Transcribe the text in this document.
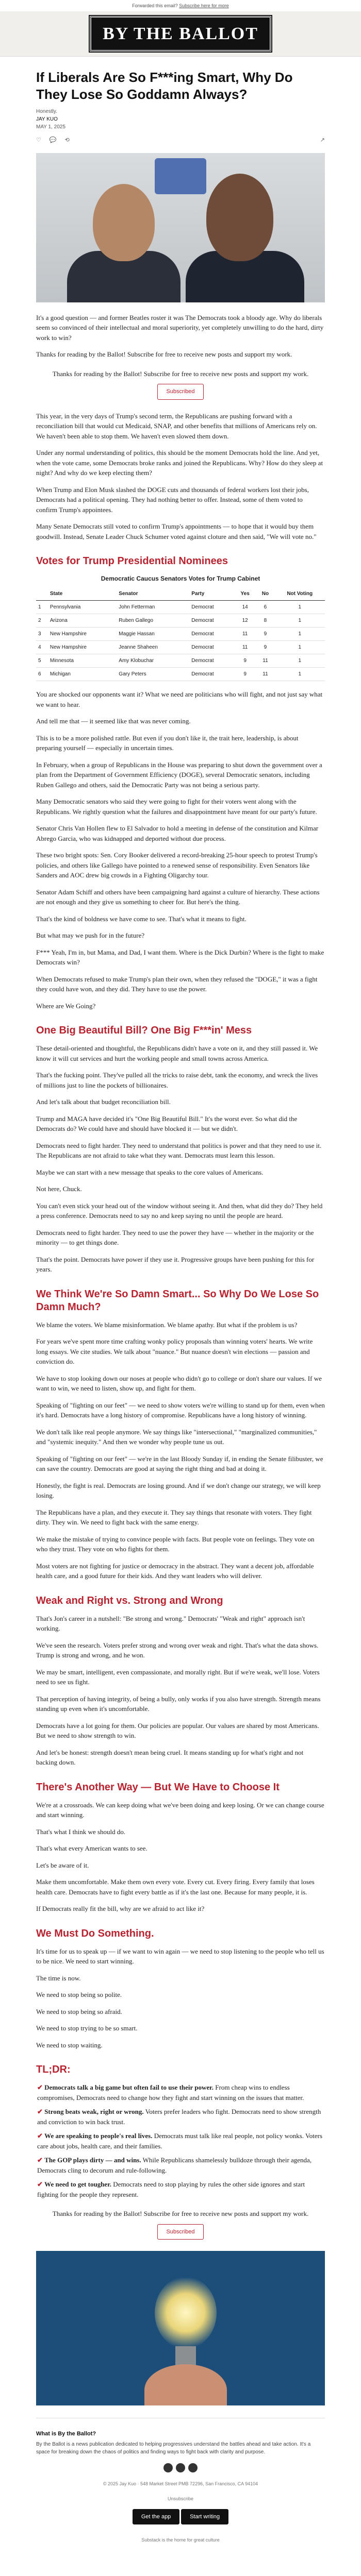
Forwarded this email? Subscribe here for more
BY THE BALLOT
If Liberals Are So F***ing Smart, Why Do They Lose So Goddamn Always?
Honestly.
JAY KUO
MAY 1, 2025
♡ 💬 ⟲	↗

It's a good question — and former Beatles roster it was The Democrats took a bloody age. Why do liberals seem so convinced of their intellectual and moral superiority, yet completely unwilling to do the hard, dirty work to win?

Thanks for reading by the Ballot! Subscribe for free to receive new posts and support my work.

Thanks for reading by the Ballot! Subscribe for free to receive new posts and support my work.
Subscribed

This year, in the very days of Trump's second term, the Republicans are pushing forward with a reconciliation bill that would cut Medicaid, SNAP, and other benefits that millions of Americans rely on. We haven't been able to stop them. We haven't even slowed them down.

Under any normal understanding of politics, this should be the moment Democrats hold the line. And yet, when the vote came, some Democrats broke ranks and joined the Republicans. Why? How do they sleep at night? And why do we keep electing them?

When Trump and Elon Musk slashed the DOGE cuts and thousands of federal workers lost their jobs, Democrats had a political opening. They had nothing better to offer. Instead, some of them voted to confirm Trump's appointees.

Many Senate Democrats still voted to confirm Trump's appointments — to hope that it would buy them goodwill. Instead, Senate Leader Chuck Schumer voted against cloture and then said, "We will vote no."

Votes for Trump Presidential Nominees
Democratic Caucus Senators Votes for Trump Cabinet
	State	Senator	Party	Yes	No	Not Voting
1	Pennsylvania	John Fetterman	Democrat	14	6	1
2	Arizona	Ruben Gallego	Democrat	12	8	1
3	New Hampshire	Maggie Hassan	Democrat	11	9	1
4	New Hampshire	Jeanne Shaheen	Democrat	11	9	1
5	Minnesota	Amy Klobuchar	Democrat	9	11	1
6	Michigan	Gary Peters	Democrat	9	11	1

You are shocked our opponents want it? What we need are politicians who will fight, and not just say what we want to hear.

And tell me that — it seemed like that was never coming.

This is to be a more polished rattle. But even if you don't like it, the trait here, leadership, is about preparing yourself — especially in uncertain times.

In February, when a group of Republicans in the House was preparing to shut down the government over a plan from the Department of Government Efficiency (DOGE), several Democratic senators, including Ruben Gallego and others, said the Democratic Party was not being a serious party.

Many Democratic senators who said they were going to fight for their voters went along with the Republicans. We rightly question what the failures and disappointment have meant for our party's future.

Senator Chris Van Hollen flew to El Salvador to hold a meeting in defense of the constitution and Kilmar Abrego Garcia, who was kidnapped and deported without due process.

These two bright spots: Sen. Cory Booker delivered a record-breaking 25-hour speech to protest Trump's policies, and others like Gallego have pointed to a renewed sense of responsibility. Even Senators like Sanders and AOC drew big crowds in a Fighting Oligarchy tour.

Senator Adam Schiff and others have been campaigning hard against a culture of hierarchy. These actions are not enough and they give us something to cheer for. But here's the thing.

That's the kind of boldness we have come to see. That's what it means to fight.

But what may we push for in the future?

F*** Yeah, I'm in, but Mama, and Dad, I want them. Where is the Dick Durbin? Where is the fight to make Democrats win?

When Democrats refused to make Trump's plan their own, when they refused the "DOGE," it was a fight they could have won, and they did. They have to use the power.

Where are We Going?

One Big Beautiful Bill? One Big F***in' Mess

These detail-oriented and thoughtful, the Republicans didn't have a vote on it, and they still passed it. We know it will cut services and hurt the working people and small towns across America.

That's the fucking point. They've pulled all the tricks to raise debt, tank the economy, and wreck the lives of millions just to line the pockets of billionaires.

And let's talk about that budget reconciliation bill.

Trump and MAGA have decided it's "One Big Beautiful Bill." It's the worst ever. So what did the Democrats do? We could have and should have blocked it — but we didn't.

Democrats need to fight harder. They need to understand that politics is power and that they need to use it. The Republicans are not afraid to take what they want. Democrats must learn this lesson.

Maybe we can start with a new message that speaks to the core values of Americans.

Not here, Chuck.

You can't even stick your head out of the window without seeing it. And then, what did they do? They held a press conference. Democrats need to say no and keep saying no until the people are heard.

Democrats need to fight harder. They need to use the power they have — whether in the majority or the minority — to get things done.

That's the point. Democrats have power if they use it. Progressive groups have been pushing for this for years.

We Think We're So Damn Smart... So Why Do We Lose So Damn Much?

We blame the voters. We blame misinformation. We blame apathy. But what if the problem is us?

For years we've spent more time crafting wonky policy proposals than winning voters' hearts. We write long essays. We cite studies. We talk about "nuance." But nuance doesn't win elections — passion and conviction do.

We have to stop looking down our noses at people who didn't go to college or don't share our values. If we want to win, we need to listen, show up, and fight for them.

Speaking of "fighting on our feet" — we need to show voters we're willing to stand up for them, even when it's hard. Democrats have a long history of compromise. Republicans have a long history of winning.

We don't talk like real people anymore. We say things like "intersectional," "marginalized communities," and "systemic inequity." And then we wonder why people tune us out.

Speaking of "fighting on our feet" — we're in the last Bloody Sunday if, in ending the Senate filibuster, we can save the country. Democrats are good at saying the right thing and bad at doing it.

Honestly, the fight is real. Democrats are losing ground. And if we don't change our strategy, we will keep losing.

The Republicans have a plan, and they execute it. They say things that resonate with voters. They fight dirty. They win. We need to fight back with the same energy.

We make the mistake of trying to convince people with facts. But people vote on feelings. They vote on who they trust. They vote on who fights for them.

Most voters are not fighting for justice or democracy in the abstract. They want a decent job, affordable health care, and a good future for their kids. And they want leaders who will deliver.

Weak and Right vs. Strong and Wrong

That's Jon's career in a nutshell: "Be strong and wrong." Democrats' "Weak and right" approach isn't working.

We've seen the research. Voters prefer strong and wrong over weak and right. That's what the data shows. Trump is strong and wrong, and he won.

We may be smart, intelligent, even compassionate, and morally right. But if we're weak, we'll lose. Voters need to see us fight.

That perception of having integrity, of being a bully, only works if you also have strength. Strength means standing up even when it's uncomfortable.

Democrats have a lot going for them. Our policies are popular. Our values are shared by most Americans. But we need to show strength to win.

And let's be honest: strength doesn't mean being cruel. It means standing up for what's right and not backing down.

There's Another Way — But We Have to Choose It

We're at a crossroads. We can keep doing what we've been doing and keep losing. Or we can change course and start winning.

That's what I think we should do.

That's what every American wants to see.

Let's be aware of it.

Make them uncomfortable. Make them own every vote. Every cut. Every firing. Every family that loses health care. Democrats have to fight every battle as if it's the last one. Because for many people, it is.

If Democrats really fit the bill, why are we afraid to act like it?

We Must Do Something.

It's time for us to speak up — if we want to win again — we need to stop listening to the people who tell us to be nice. We need to start winning.

The time is now.

We need to stop being so polite.

We need to stop being so afraid.

We need to stop trying to be so smart.

We need to stop waiting.

TL;DR:
✔ Democrats talk a big game but often fail to use their power. From cheap wins to endless compromises, Democrats need to change how they fight and start winning on the issues that matter.
✔ Strong beats weak, right or wrong. Voters prefer leaders who fight. Democrats need to show strength and conviction to win back trust.
✔ We are speaking to people's real lives. Democrats must talk like real people, not policy wonks. Voters care about jobs, health care, and their families.
✔ The GOP plays dirty — and wins. While Republicans shamelessly bulldoze through their agenda, Democrats cling to decorum and rule-following.
✔ We need to get tougher. Democrats need to stop playing by rules the other side ignores and start fighting for the people they represent.
Thanks for reading by the Ballot! Subscribe for free to receive new posts and support my work.
Subscribed
What is By the Ballot?

By the Ballot is a news publication dedicated to helping progressives understand the battles ahead and take action. It's a space for breaking down the chaos of politics and finding ways to fight back with clarity and purpose.

© 2025 Jay Kuo · 548 Market Street PMB 72296, San Francisco, CA 94104
Unsubscribe
Get the app	Start writing
Substack is the home for great culture
